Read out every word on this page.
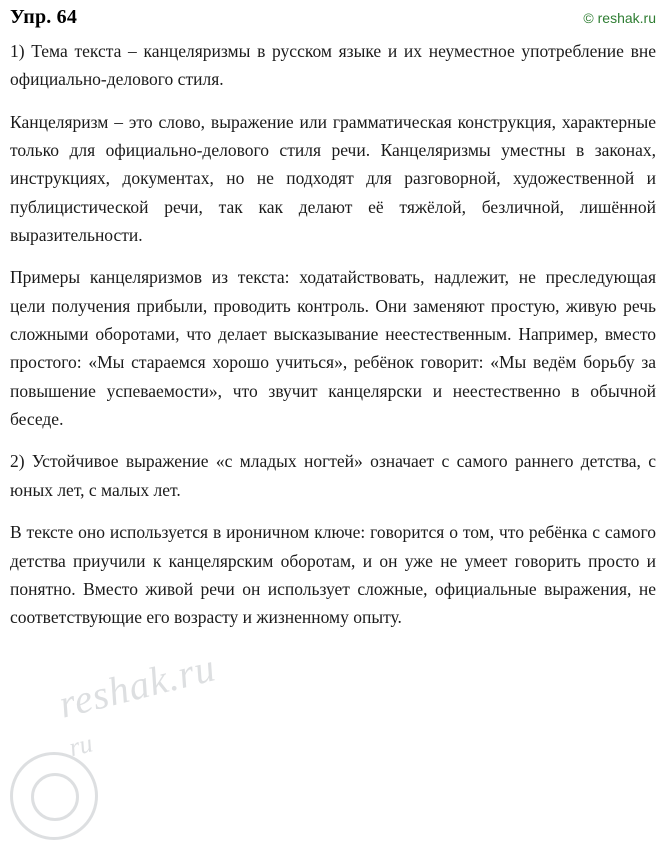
Упр. 64	© reshak.ru
reshak.ru
ru

1) Тема текста – канцеляризмы в русском языке и их неуместное употребление вне официально-делового стиля.

Канцеляризм – это слово, выражение или грамматическая конструкция, характерные только для официально-делового стиля речи. Канцеляризмы уместны в законах, инструкциях, документах, но не подходят для разговорной, художественной и публицистической речи, так как делают её тяжёлой, безличной, лишённой выразительности.

Примеры канцеляризмов из текста: ходатайствовать, надлежит, не преследующая цели получения прибыли, проводить контроль. Они заменяют простую, живую речь сложными оборотами, что делает высказывание неестественным. Например, вместо простого: «Мы стараемся хорошо учиться», ребёнок говорит: «Мы ведём борьбу за повышение успеваемости», что звучит канцелярски и неестественно в обычной беседе.

2) Устойчивое выражение «с младых ногтей» означает с самого раннего детства, с юных лет, с малых лет.

В тексте оно используется в ироничном ключе: говорится о том, что ребёнка с самого детства приучили к канцелярским оборотам, и он уже не умеет говорить просто и понятно. Вместо живой речи он использует сложные, официальные выражения, не соответствующие его возрасту и жизненному опыту.
